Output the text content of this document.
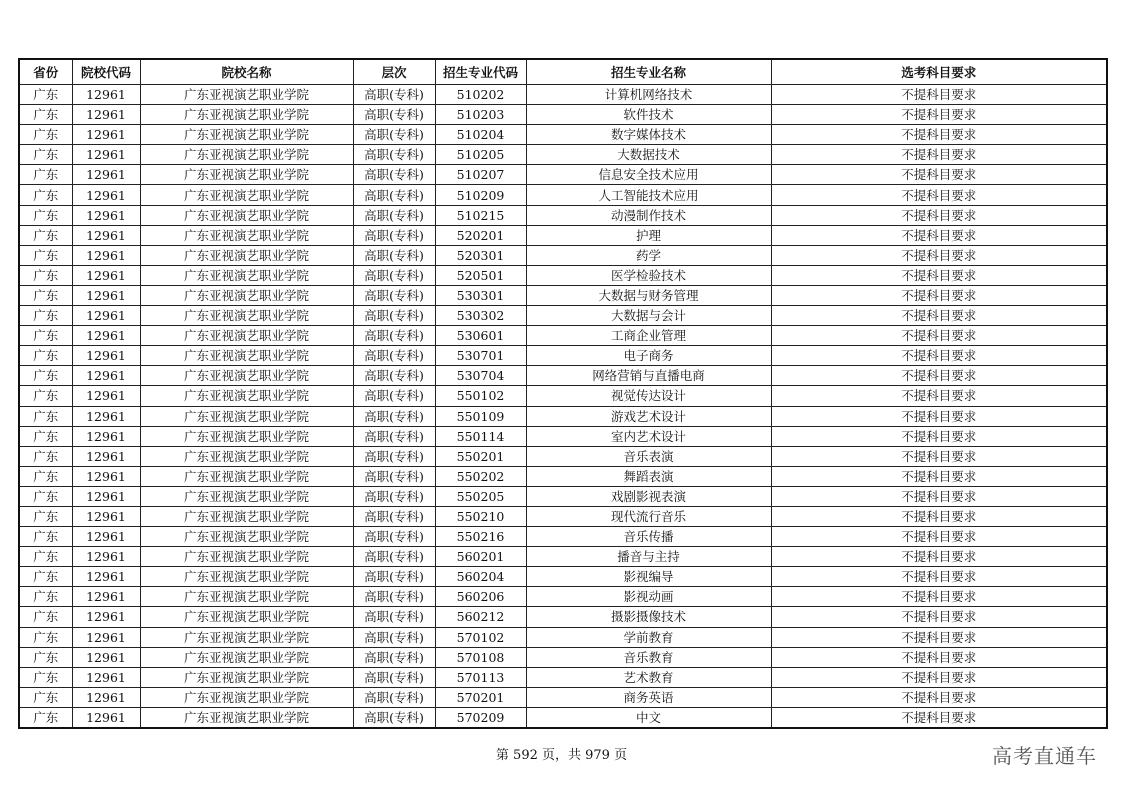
省份	院校代码	院校名称	层次	招生专业代码	招生专业名称	选考科目要求
广东	12961	广东亚视演艺职业学院	高职(专科)	510202	计算机网络技术	不提科目要求
广东	12961	广东亚视演艺职业学院	高职(专科)	510203	软件技术	不提科目要求
广东	12961	广东亚视演艺职业学院	高职(专科)	510204	数字媒体技术	不提科目要求
广东	12961	广东亚视演艺职业学院	高职(专科)	510205	大数据技术	不提科目要求
广东	12961	广东亚视演艺职业学院	高职(专科)	510207	信息安全技术应用	不提科目要求
广东	12961	广东亚视演艺职业学院	高职(专科)	510209	人工智能技术应用	不提科目要求
广东	12961	广东亚视演艺职业学院	高职(专科)	510215	动漫制作技术	不提科目要求
广东	12961	广东亚视演艺职业学院	高职(专科)	520201	护理	不提科目要求
广东	12961	广东亚视演艺职业学院	高职(专科)	520301	药学	不提科目要求
广东	12961	广东亚视演艺职业学院	高职(专科)	520501	医学检验技术	不提科目要求
广东	12961	广东亚视演艺职业学院	高职(专科)	530301	大数据与财务管理	不提科目要求
广东	12961	广东亚视演艺职业学院	高职(专科)	530302	大数据与会计	不提科目要求
广东	12961	广东亚视演艺职业学院	高职(专科)	530601	工商企业管理	不提科目要求
广东	12961	广东亚视演艺职业学院	高职(专科)	530701	电子商务	不提科目要求
广东	12961	广东亚视演艺职业学院	高职(专科)	530704	网络营销与直播电商	不提科目要求
广东	12961	广东亚视演艺职业学院	高职(专科)	550102	视觉传达设计	不提科目要求
广东	12961	广东亚视演艺职业学院	高职(专科)	550109	游戏艺术设计	不提科目要求
广东	12961	广东亚视演艺职业学院	高职(专科)	550114	室内艺术设计	不提科目要求
广东	12961	广东亚视演艺职业学院	高职(专科)	550201	音乐表演	不提科目要求
广东	12961	广东亚视演艺职业学院	高职(专科)	550202	舞蹈表演	不提科目要求
广东	12961	广东亚视演艺职业学院	高职(专科)	550205	戏剧影视表演	不提科目要求
广东	12961	广东亚视演艺职业学院	高职(专科)	550210	现代流行音乐	不提科目要求
广东	12961	广东亚视演艺职业学院	高职(专科)	550216	音乐传播	不提科目要求
广东	12961	广东亚视演艺职业学院	高职(专科)	560201	播音与主持	不提科目要求
广东	12961	广东亚视演艺职业学院	高职(专科)	560204	影视编导	不提科目要求
广东	12961	广东亚视演艺职业学院	高职(专科)	560206	影视动画	不提科目要求
广东	12961	广东亚视演艺职业学院	高职(专科)	560212	摄影摄像技术	不提科目要求
广东	12961	广东亚视演艺职业学院	高职(专科)	570102	学前教育	不提科目要求
广东	12961	广东亚视演艺职业学院	高职(专科)	570108	音乐教育	不提科目要求
广东	12961	广东亚视演艺职业学院	高职(专科)	570113	艺术教育	不提科目要求
广东	12961	广东亚视演艺职业学院	高职(专科)	570201	商务英语	不提科目要求
广东	12961	广东亚视演艺职业学院	高职(专科)	570209	中文	不提科目要求
第 592 页，共 979 页	高考直通车
